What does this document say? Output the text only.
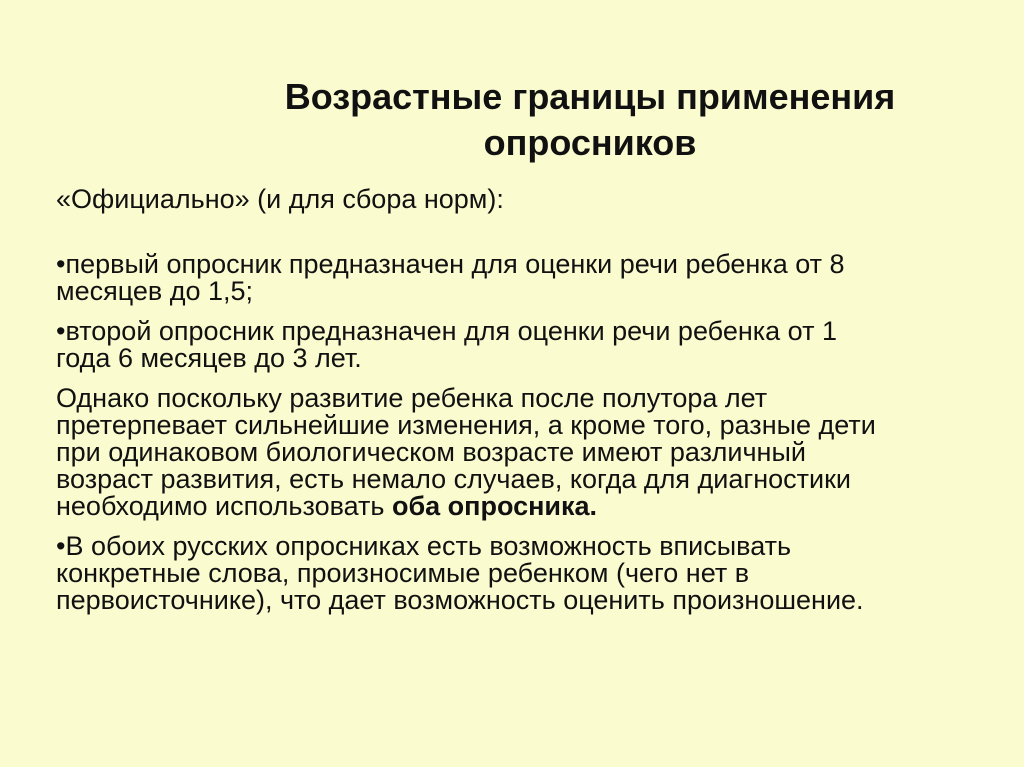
Возрастные границы применения
опросников

«Официально» (и для сбора норм):

•первый опросник предназначен для оценки речи ребенка от 8 месяцев до 1,5;

•второй опросник предназначен для оценки речи ребенка от 1 года 6 месяцев до 3 лет.

Однако поскольку развитие ребенка после полутора лет претерпевает сильнейшие изменения, а кроме того, разные дети при одинаковом биологическом возрасте имеют различный возраст развития, есть немало случаев, когда для диагностики необходимо использовать оба опросника.

•В обоих русских опросниках есть возможность вписывать конкретные слова, произносимые ребенком (чего нет в первоисточнике), что дает возможность оценить произношение.
